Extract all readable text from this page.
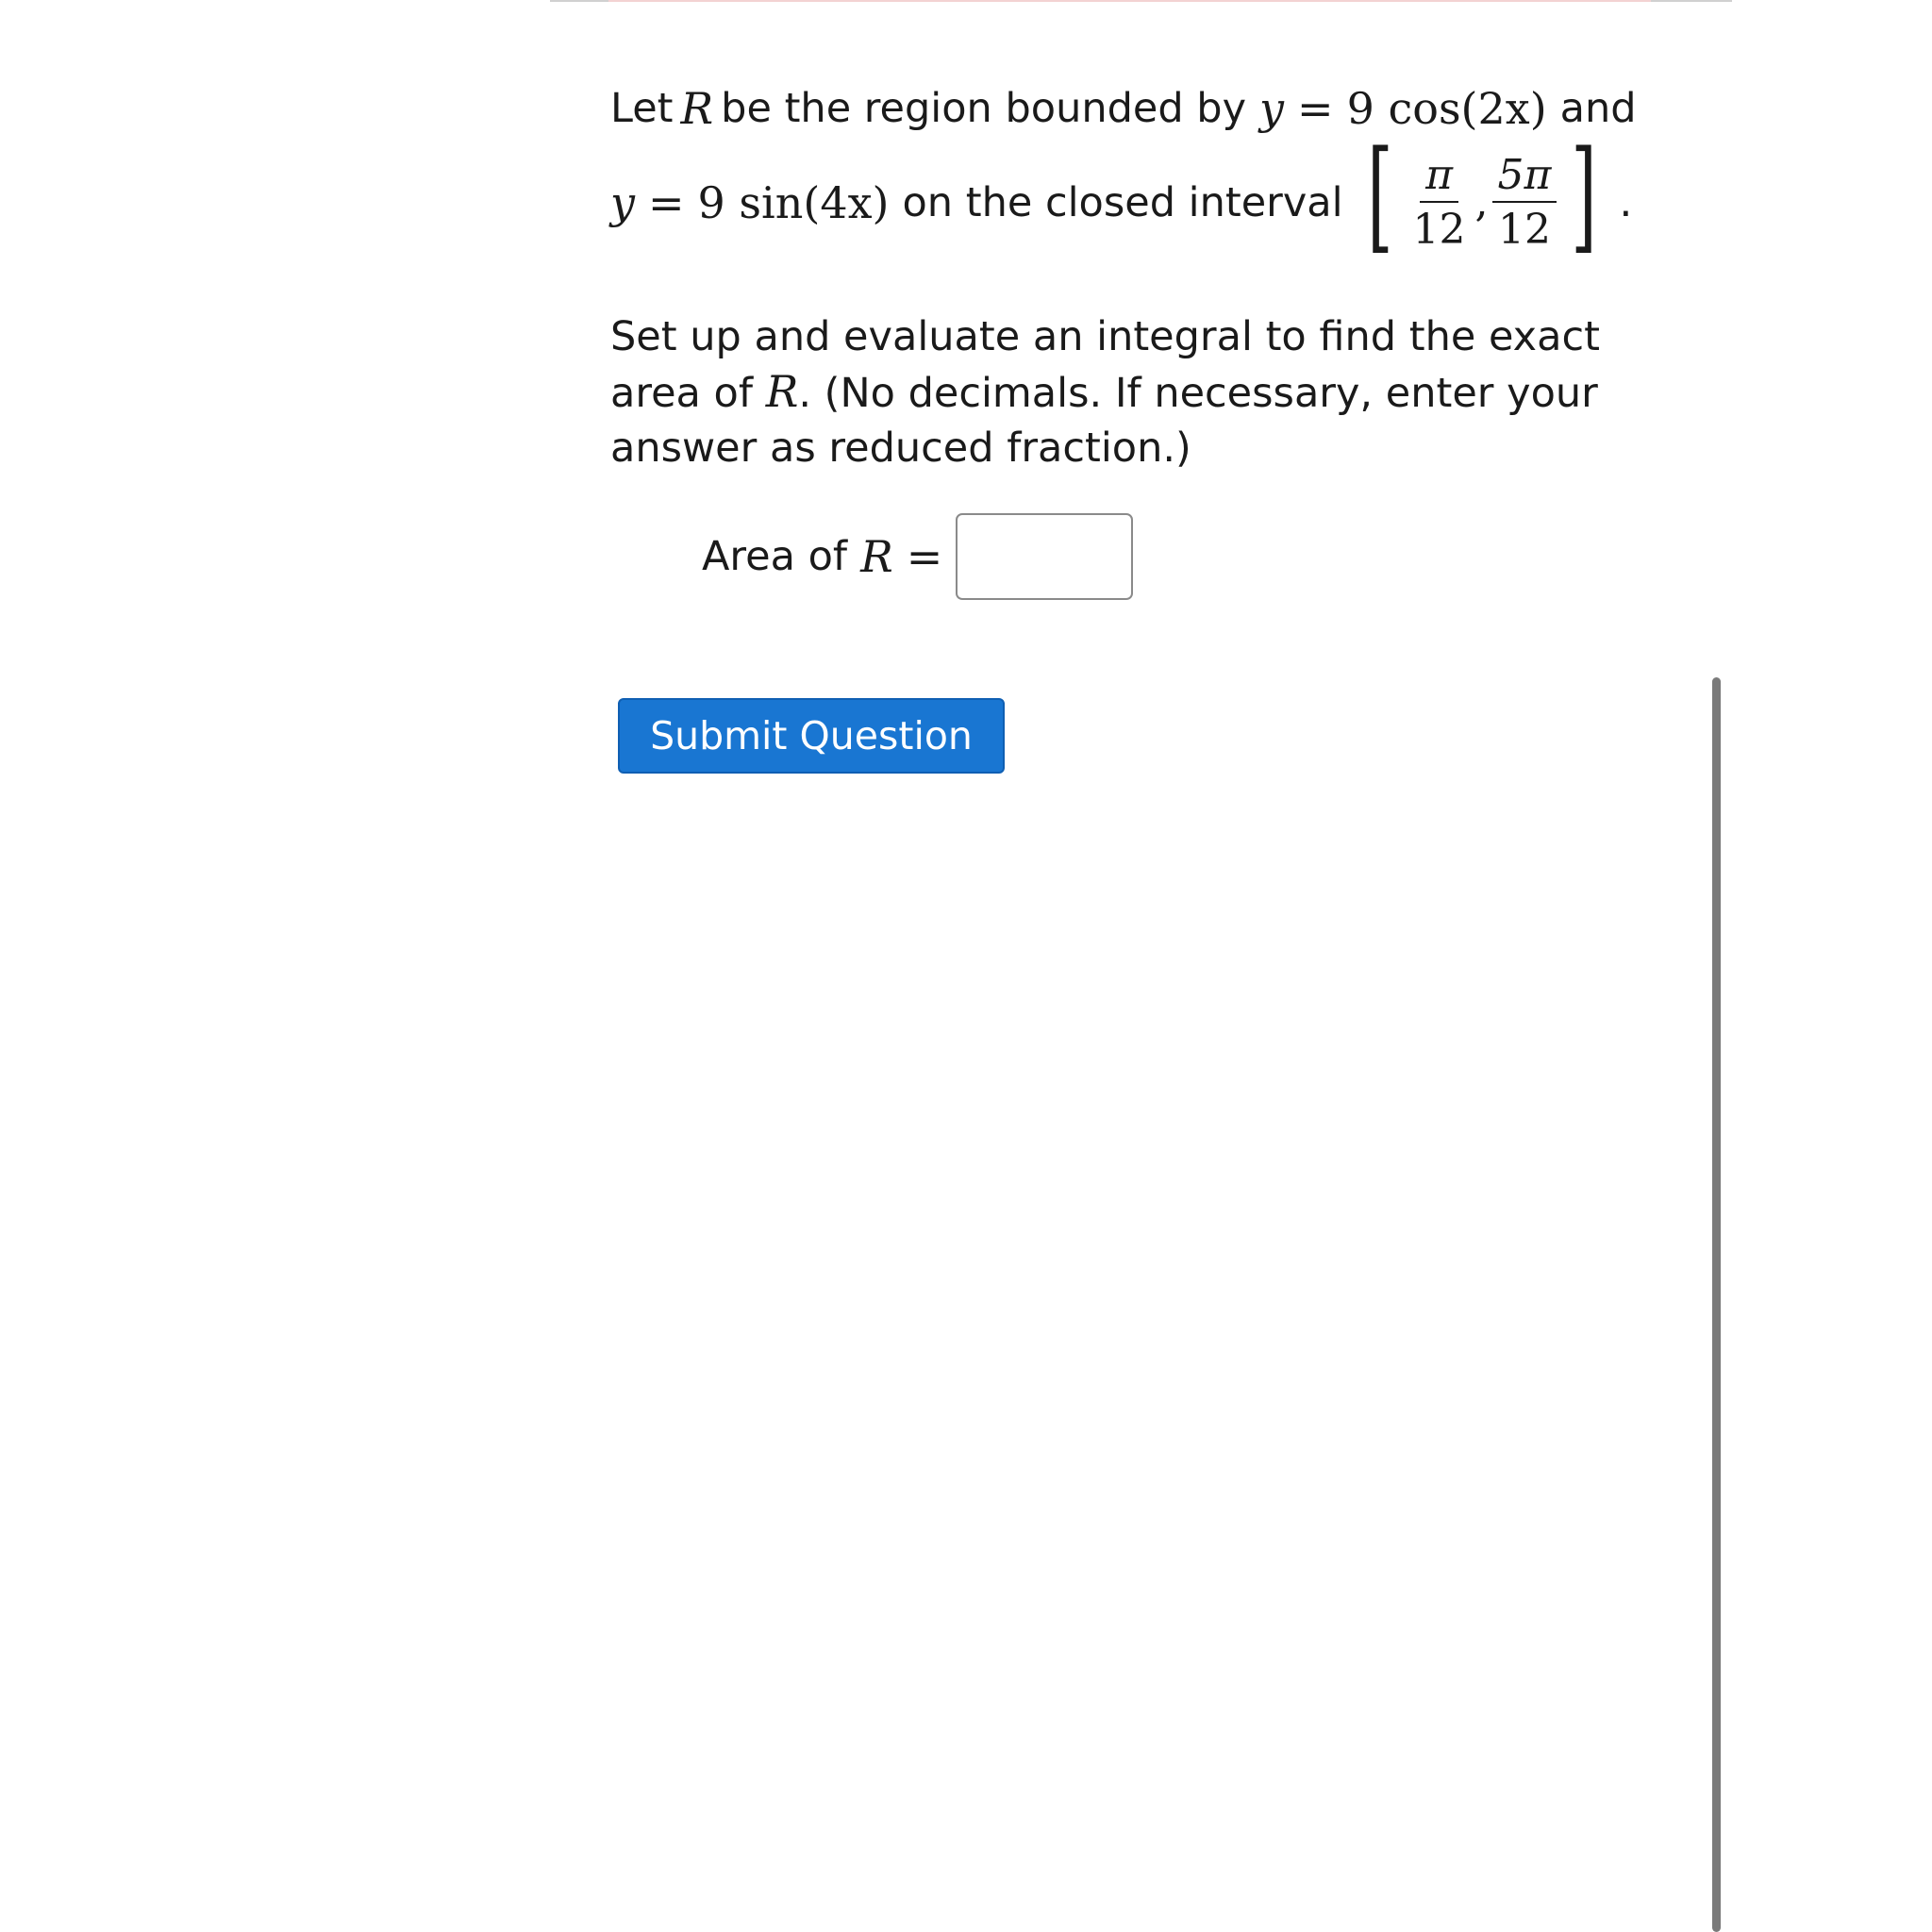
Let R be the region bounded by y = 9 cos(2x) and
y = 9 sin(4x) on the closed interval [ $\frac{\pi}{12}$ , $\frac{5\pi}{12}$ ] .
Set up and evaluate an integral to find the exact area of R. (No decimals. If necessary, enter your answer as reduced fraction.)
Area of R =
Submit Question
